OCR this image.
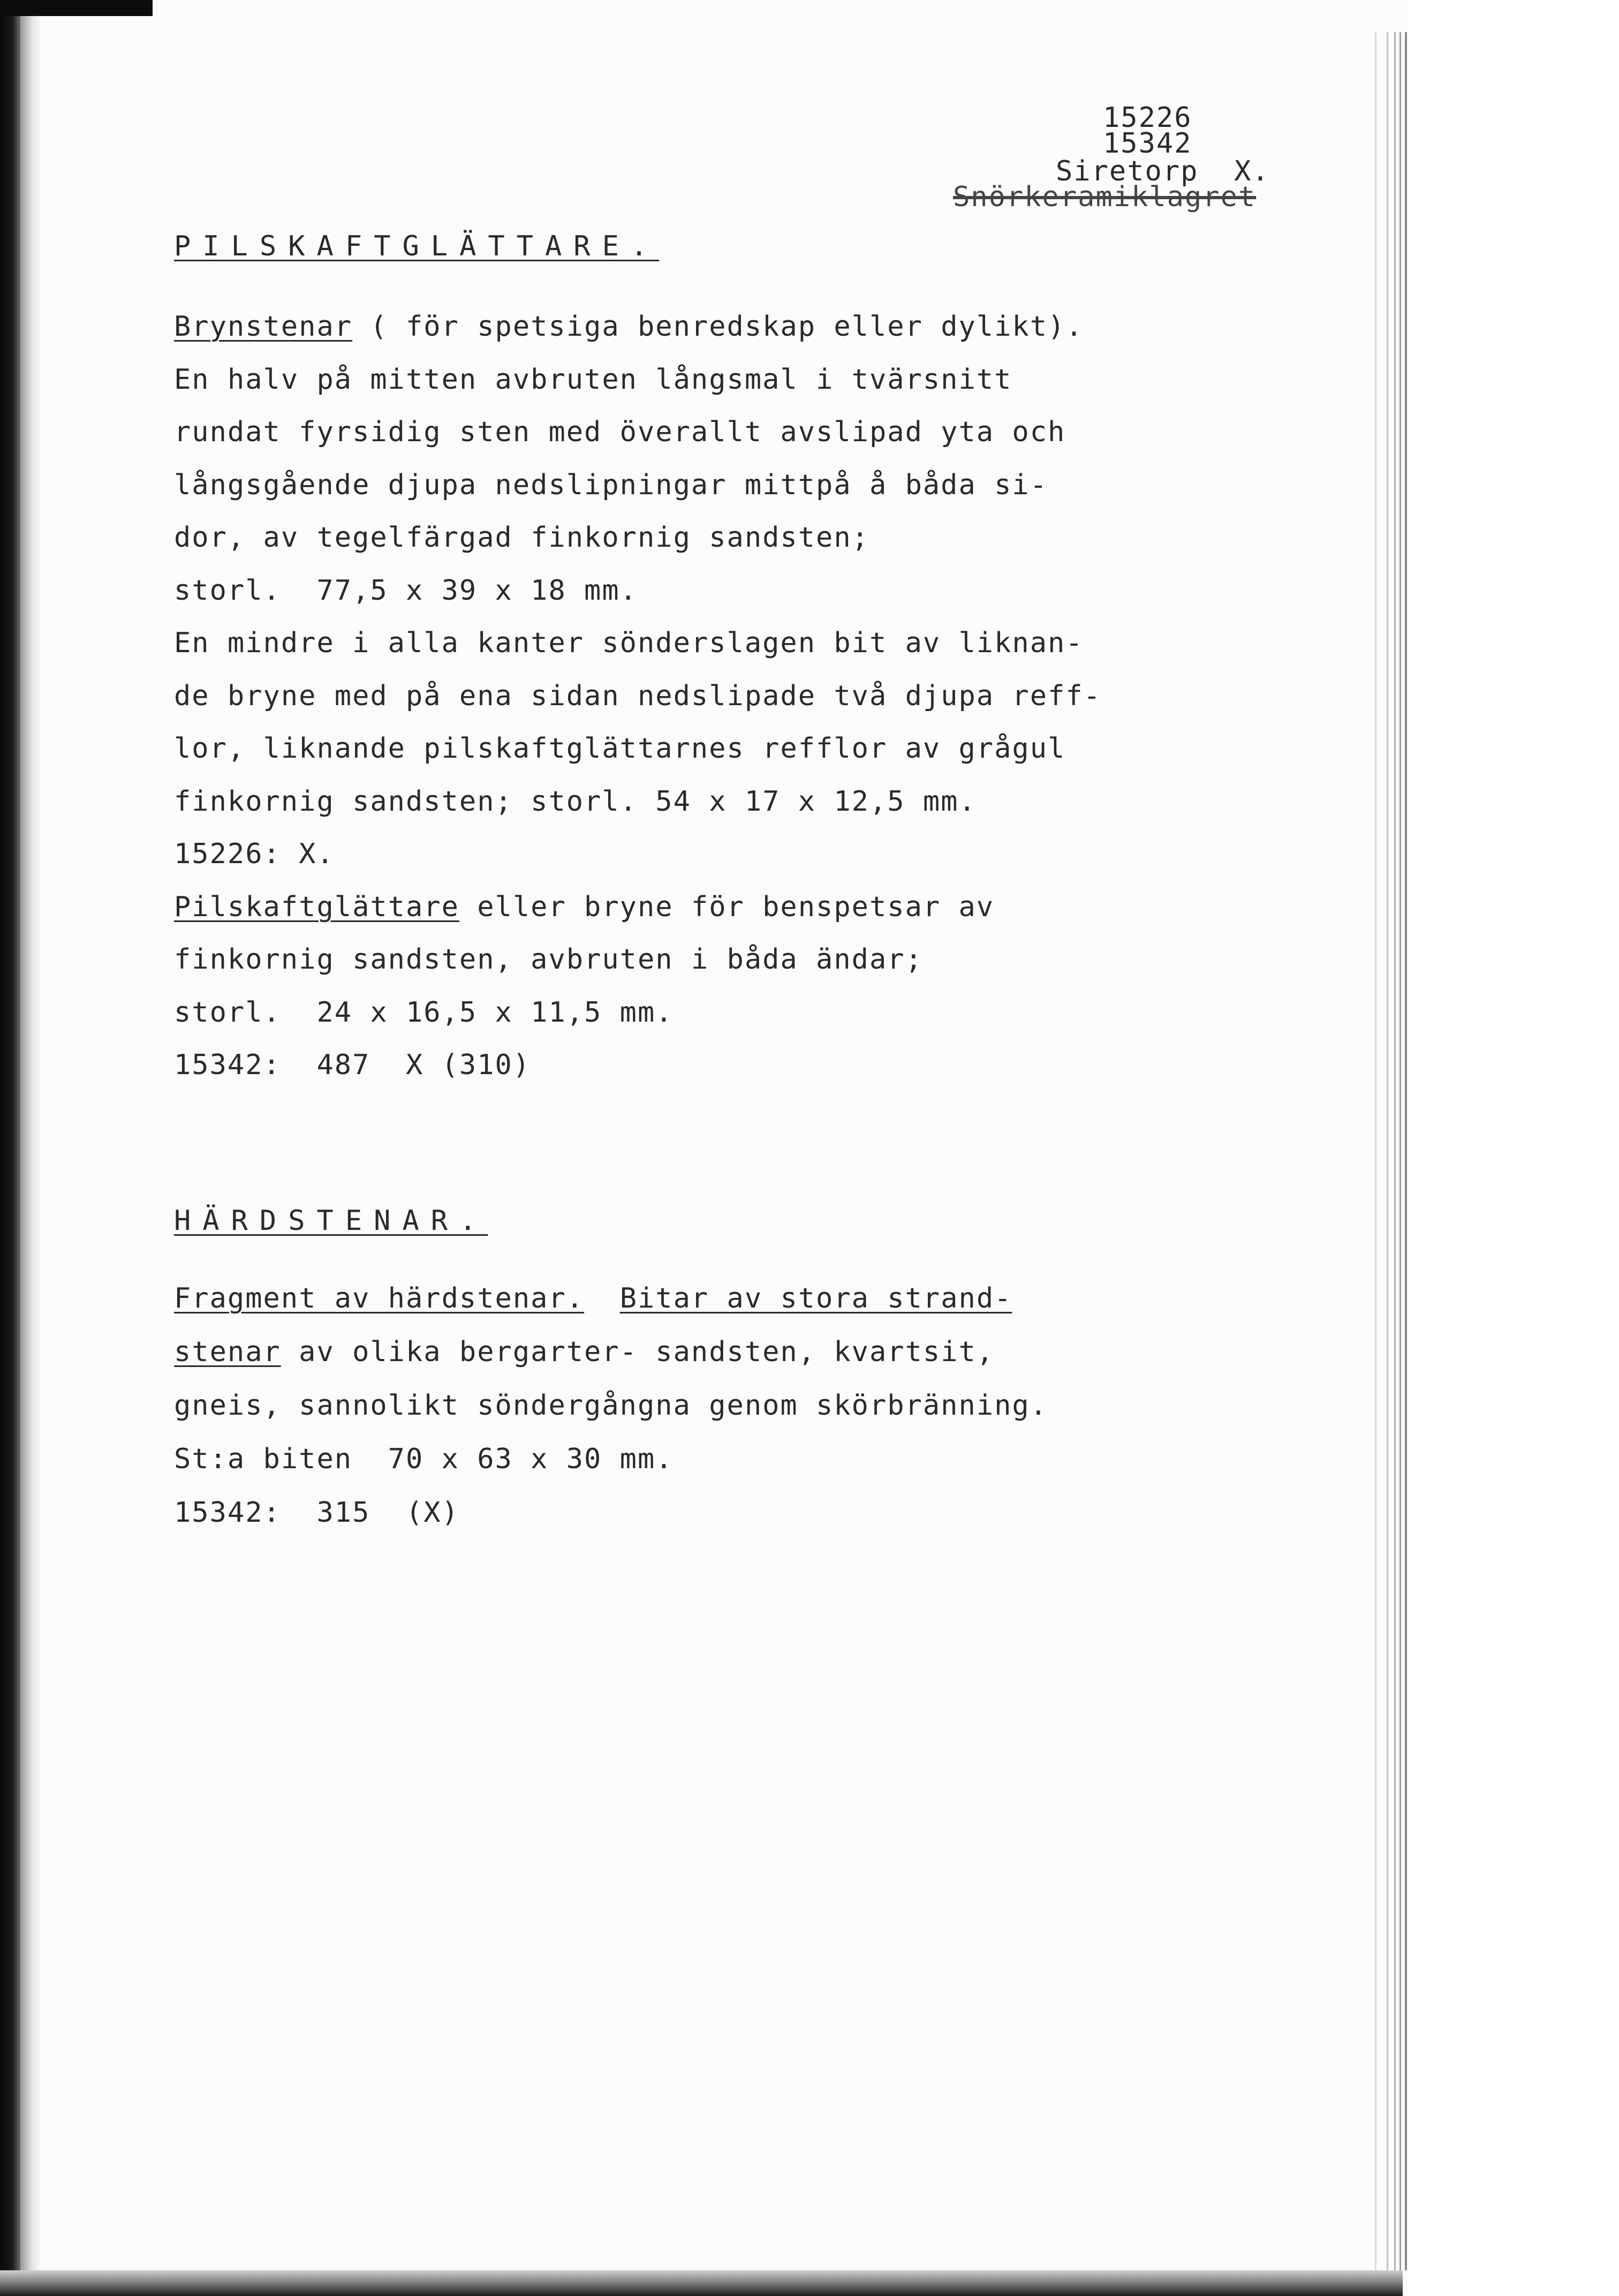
15226
15342
Siretorp  X.
Snörkeramiklagret
PILSKAFTGLÄTTARE.
Brynstenar ( för spetsiga benredskap eller dylikt).
En halv på mitten avbruten långsmal i tvärsnitt
rundat fyrsidig sten med överallt avslipad yta och
långsgående djupa nedslipningar mittpå å båda si-
dor, av tegelfärgad finkornig sandsten;
storl.  77,5 x 39 x 18 mm.
En mindre i alla kanter sönderslagen bit av liknan-
de bryne med på ena sidan nedslipade två djupa reff-
lor, liknande pilskaftglättarnes refflor av grågul
finkornig sandsten; storl. 54 x 17 x 12,5 mm.
15226: X.
Pilskaftglättare eller bryne för benspetsar av
finkornig sandsten, avbruten i båda ändar;
storl.  24 x 16,5 x 11,5 mm.
15342:  487  X (310)
HÄRDSTENAR.
Fragment av härdstenar. Bitar av stora strand-
stenar av olika bergarter- sandsten, kvartsit,
gneis, sannolikt söndergångna genom skörbränning.
St:a biten  70 x 63 x 30 mm.
15342:  315  (X)
